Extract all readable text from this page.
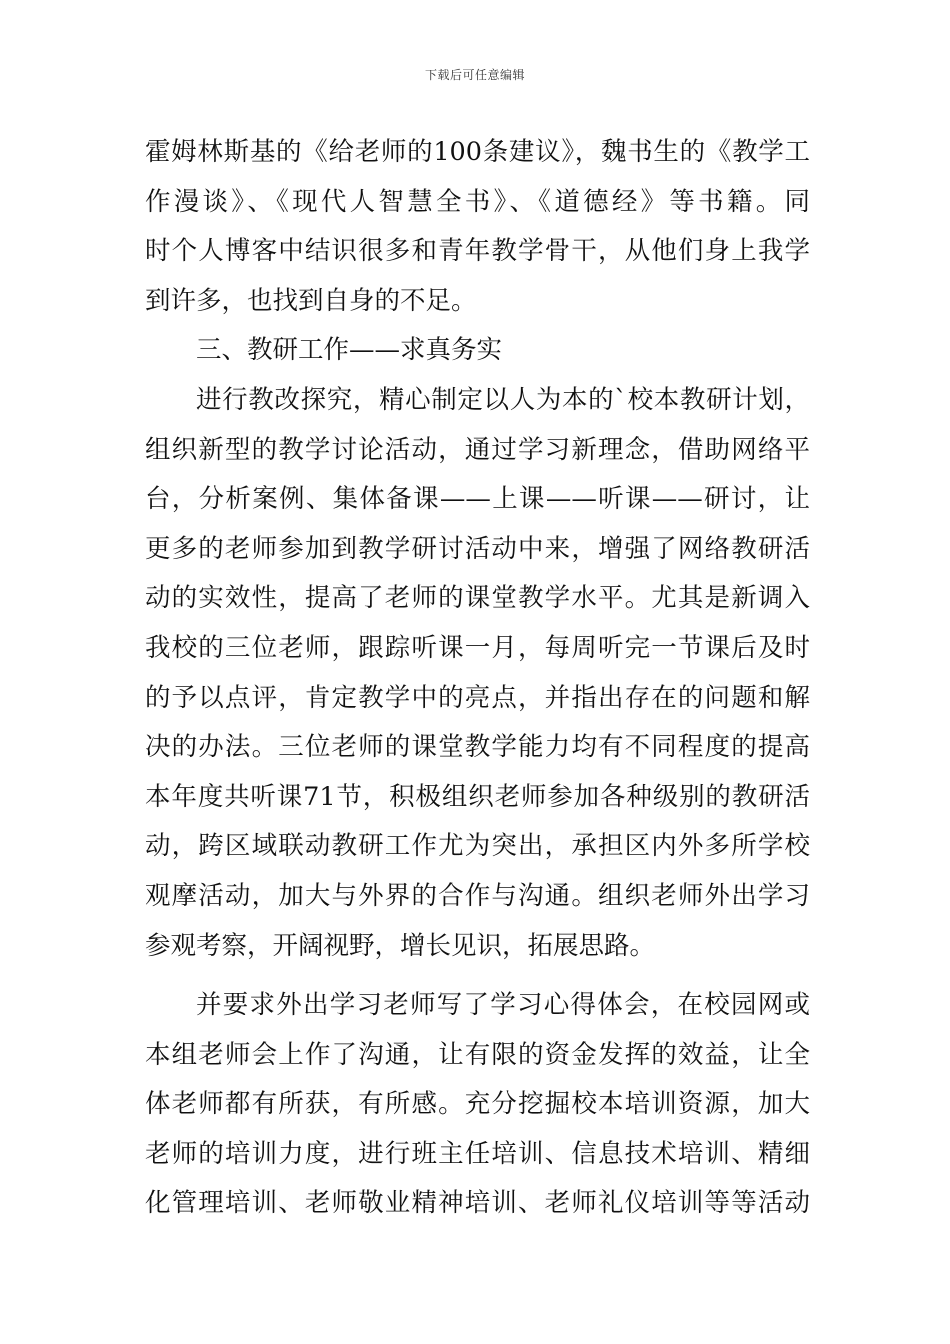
下载后可任意编辑
霍姆林斯基的《给老师的100条建议》，魏书生的《教学工
作漫谈》、《现代人智慧全书》、《道德经》等书籍。同
时个人博客中结识很多和青年教学骨干，从他们身上我学
到许多，也找到自身的不足。
三、教研工作——求真务实
进行教改探究，精心制定以人为本的`校本教研计划，
组织新型的教学讨论活动，通过学习新理念，借助网络平
台，分析案例、集体备课——上课——听课——研讨，让
更多的老师参加到教学研讨活动中来，增强了网络教研活
动的实效性，提高了老师的课堂教学水平。尤其是新调入
我校的三位老师，跟踪听课一月，每周听完一节课后及时
的予以点评，肯定教学中的亮点，并指出存在的问题和解
决的办法。三位老师的课堂教学能力均有不同程度的提高
本年度共听课71节，积极组织老师参加各种级别的教研活
动，跨区域联动教研工作尤为突出，承担区内外多所学校
观摩活动，加大与外界的合作与沟通。组织老师外出学习
参观考察，开阔视野，增长见识，拓展思路。
并要求外出学习老师写了学习心得体会，在校园网或
本组老师会上作了沟通，让有限的资金发挥的效益，让全
体老师都有所获，有所感。充分挖掘校本培训资源，加大
老师的培训力度，进行班主任培训、信息技术培训、精细
化管理培训、老师敬业精神培训、老师礼仪培训等等活动
